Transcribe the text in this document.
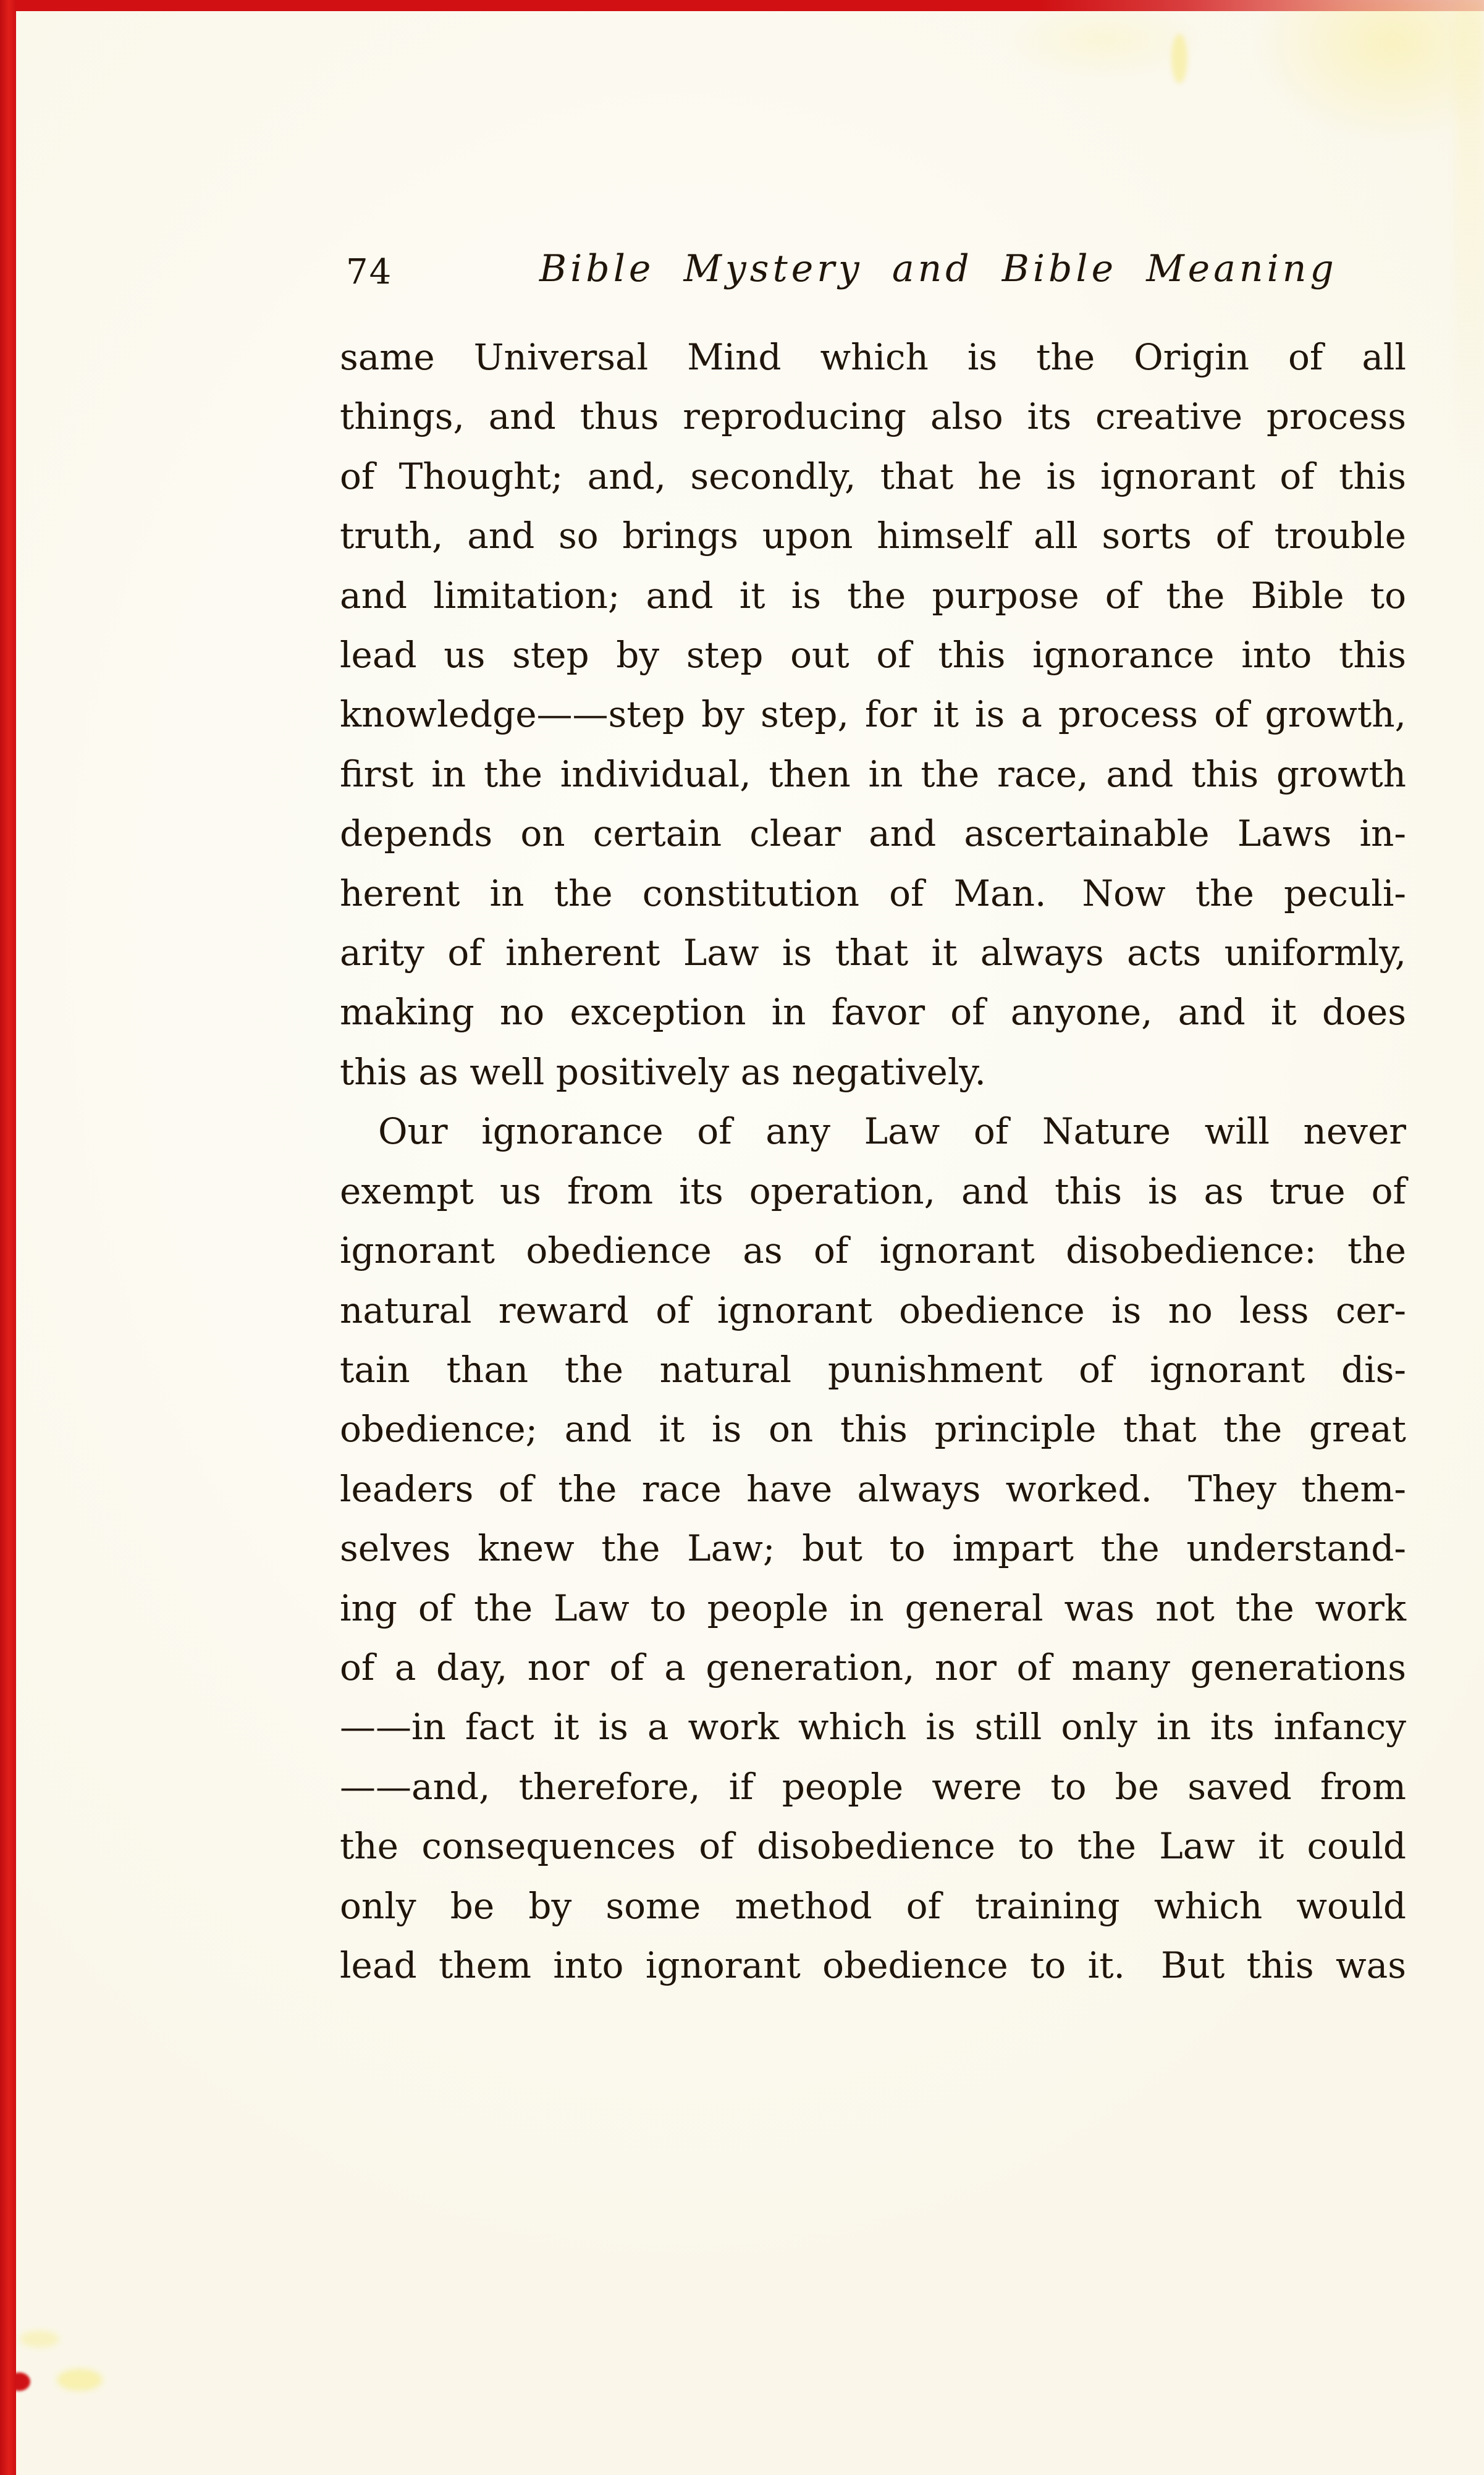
74	Bible Mystery and Bible Meaning
same Universal Mind which is the Origin of all
things, and thus reproducing also its creative process
of Thought; and, secondly, that he is ignorant of this
truth, and so brings upon himself all sorts of trouble
and limitation; and it is the purpose of the Bible to
lead us step by step out of this ignorance into this
knowledge——step by step, for it is a process of growth,
first in the individual, then in the race, and this growth
depends on certain clear and ascertainable Laws in-
herent in the constitution of Man. Now the peculi-
arity of inherent Law is that it always acts uniformly,
making no exception in favor of anyone, and it does
this as well positively as negatively.
Our ignorance of any Law of Nature will never
exempt us from its operation, and this is as true of
ignorant obedience as of ignorant disobedience: the
natural reward of ignorant obedience is no less cer-
tain than the natural punishment of ignorant dis-
obedience; and it is on this principle that the great
leaders of the race have always worked. They them-
selves knew the Law; but to impart the understand-
ing of the Law to people in general was not the work
of a day, nor of a generation, nor of many generations
——in fact it is a work which is still only in its infancy
——and, therefore, if people were to be saved from
the consequences of disobedience to the Law it could
only be by some method of training which would
lead them into ignorant obedience to it. But this was
